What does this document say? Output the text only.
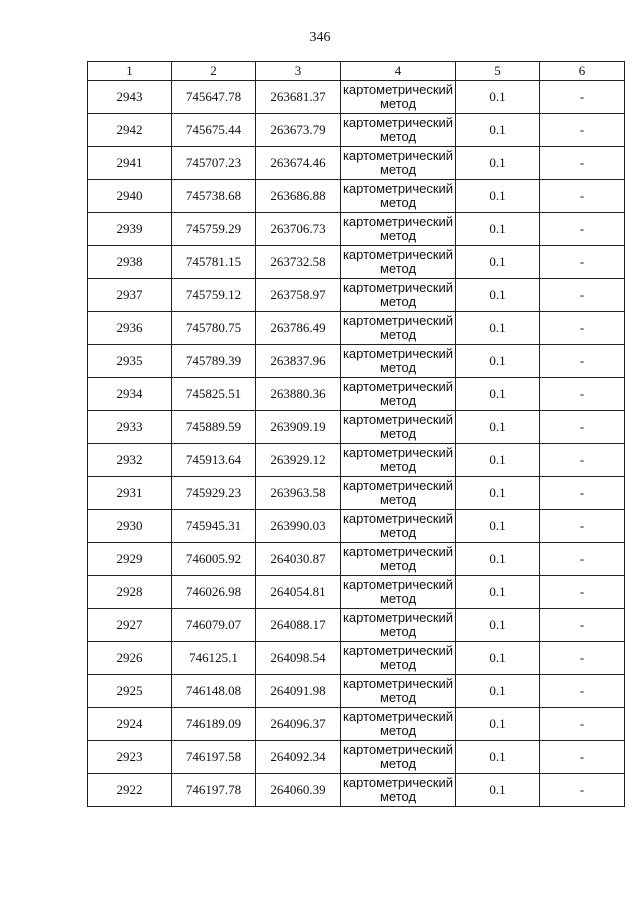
346
1	2	3	4	5	6
2943	745647.78	263681.37	картометрический метод	0.1	-
2942	745675.44	263673.79	картометрический метод	0.1	-
2941	745707.23	263674.46	картометрический метод	0.1	-
2940	745738.68	263686.88	картометрический метод	0.1	-
2939	745759.29	263706.73	картометрический метод	0.1	-
2938	745781.15	263732.58	картометрический метод	0.1	-
2937	745759.12	263758.97	картометрический метод	0.1	-
2936	745780.75	263786.49	картометрический метод	0.1	-
2935	745789.39	263837.96	картометрический метод	0.1	-
2934	745825.51	263880.36	картометрический метод	0.1	-
2933	745889.59	263909.19	картометрический метод	0.1	-
2932	745913.64	263929.12	картометрический метод	0.1	-
2931	745929.23	263963.58	картометрический метод	0.1	-
2930	745945.31	263990.03	картометрический метод	0.1	-
2929	746005.92	264030.87	картометрический метод	0.1	-
2928	746026.98	264054.81	картометрический метод	0.1	-
2927	746079.07	264088.17	картометрический метод	0.1	-
2926	746125.1	264098.54	картометрический метод	0.1	-
2925	746148.08	264091.98	картометрический метод	0.1	-
2924	746189.09	264096.37	картометрический метод	0.1	-
2923	746197.58	264092.34	картометрический метод	0.1	-
2922	746197.78	264060.39	картометрический метод	0.1	-
